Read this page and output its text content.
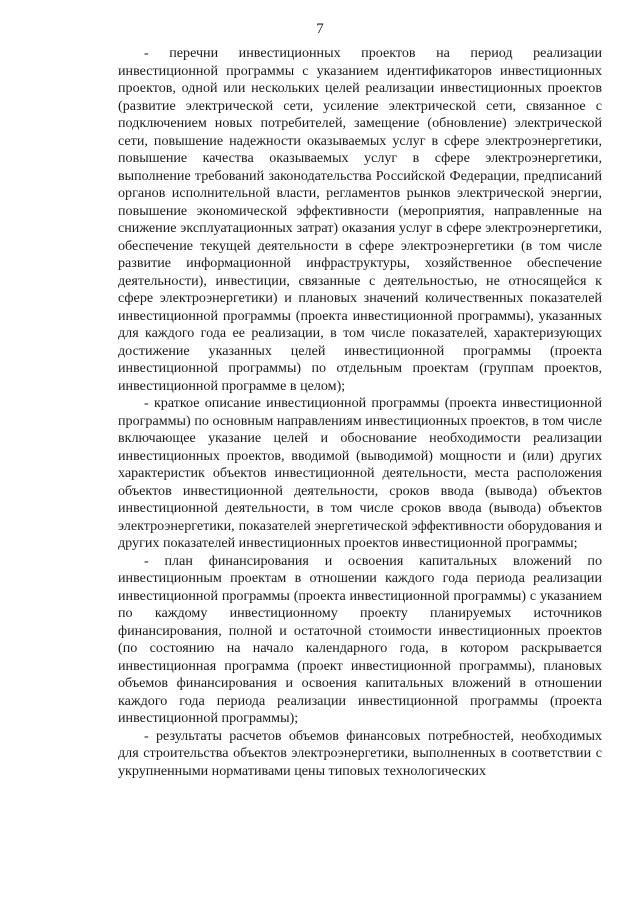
7

- перечни инвестиционных проектов на период реализации инвестиционной программы с указанием идентификаторов инвестиционных проектов, одной или нескольких целей реализации инвестиционных проектов (развитие электрической сети, усиление электрической сети, связанное с подключением новых потребителей, замещение (обновление) электрической сети, повышение надежности оказываемых услуг в сфере электроэнергетики, повышение качества оказываемых услуг в сфере электроэнергетики, выполнение требований законодательства Российской Федерации, предписаний органов исполнительной власти, регламентов рынков электрической энергии, повышение экономической эффективности (мероприятия, направленные на снижение эксплуатационных затрат) оказания услуг в сфере электроэнергетики, обеспечение текущей деятельности в сфере электроэнергетики (в том числе развитие информационной инфраструктуры, хозяйственное обеспечение деятельности), инвестиции, связанные с деятельностью, не относящейся к сфере электроэнергетики) и плановых значений количественных показателей инвестиционной программы (проекта инвестиционной программы), указанных для каждого года ее реализации, в том числе показателей, характеризующих достижение указанных целей инвестиционной программы (проекта инвестиционной программы) по отдельным проектам (группам проектов, инвестиционной программе в целом);

- краткое описание инвестиционной программы (проекта инвестиционной программы) по основным направлениям инвестиционных проектов, в том числе включающее указание целей и обоснование необходимости реализации инвестиционных проектов, вводимой (выводимой) мощности и (или) других характеристик объектов инвестиционной деятельности, места расположения объектов инвестиционной деятельности, сроков ввода (вывода) объектов инвестиционной деятельности, в том числе сроков ввода (вывода) объектов электроэнергетики, показателей энергетической эффективности оборудования и других показателей инвестиционных проектов инвестиционной программы;

- план финансирования и освоения капитальных вложений по инвестиционным проектам в отношении каждого года периода реализации инвестиционной программы (проекта инвестиционной программы) с указанием по каждому инвестиционному проекту планируемых источников финансирования, полной и остаточной стоимости инвестиционных проектов (по состоянию на начало календарного года, в котором раскрывается инвестиционная программа (проект инвестиционной программы), плановых объемов финансирования и освоения капитальных вложений в отношении каждого года периода реализации инвестиционной программы (проекта инвестиционной программы);

- результаты расчетов объемов финансовых потребностей, необходимых для строительства объектов электроэнергетики, выполненных в соответствии с укрупненными нормативами цены типовых технологических
